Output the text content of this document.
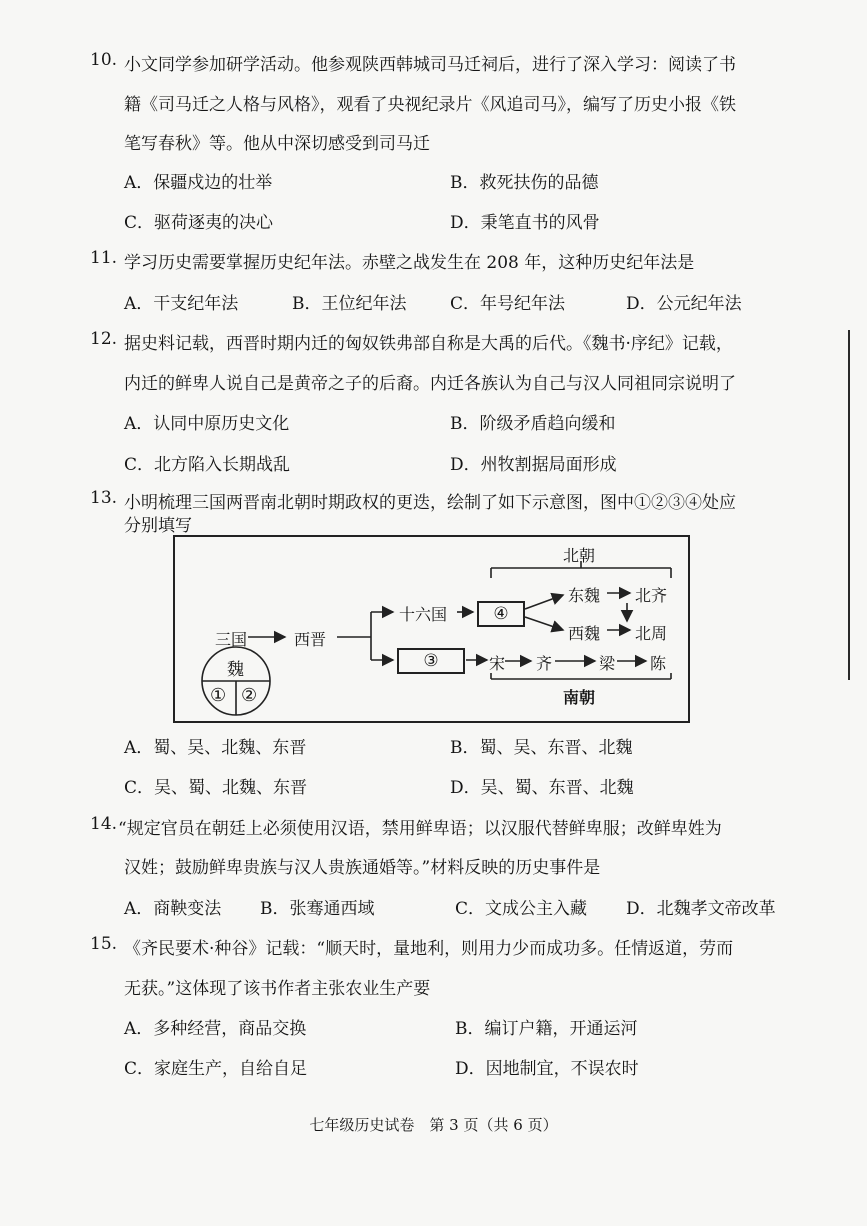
10. 小文同学参加研学活动。他参观陕西韩城司马迁祠后，进行了深入学习：阅读了书
籍《司马迁之人格与风格》，观看了央视纪录片《风追司马》，编写了历史小报《铁
笔写春秋》等。他从中深切感受到司马迁
A．保疆戍边的壮举	B．救死扶伤的品德
C．驱荷逐夷的决心	D．秉笔直书的风骨
11. 学习历史需要掌握历史纪年法。赤壁之战发生在 208 年，这种历史纪年法是
A．干支纪年法	B．王位纪年法	C．年号纪年法	D．公元纪年法
12. 据史料记载，西晋时期内迁的匈奴铁弗部自称是大禹的后代。《魏书·序纪》记载，
内迁的鲜卑人说自己是黄帝之子的后裔。内迁各族认为自己与汉人同祖同宗说明了
A．认同中原历史文化	B．阶级矛盾趋向缓和
C．北方陷入长期战乱	D．州牧割据局面形成
13. 小明梳理三国两晋南北朝时期政权的更迭，绘制了如下示意图，图中①②③④处应
分别填写
三国	西晋
魏
① ②
十六国	④
③
东魏 北齐
西魏 北周
宋 齐	梁 陈
北朝
南朝
A．蜀、吴、北魏、东晋	B．蜀、吴、东晋、北魏
C．吴、蜀、北魏、东晋	D．吴、蜀、东晋、北魏
14. “规定官员在朝廷上必须使用汉语，禁用鲜卑语；以汉服代替鲜卑服；改鲜卑姓为
汉姓；鼓励鲜卑贵族与汉人贵族通婚等。”材料反映的历史事件是
A．商鞅变法 B．张骞通西域	C．文成公主入藏 D．北魏孝文帝改革
15. 《齐民要术·种谷》记载：“顺天时，量地利，则用力少而成功多。任情返道，劳而
无获。”这体现了该书作者主张农业生产要
A．多种经营，商品交换	B．编订户籍，开通运河
C．家庭生产，自给自足	D．因地制宜，不误农时
七年级历史试卷　第 3 页（共 6 页）
